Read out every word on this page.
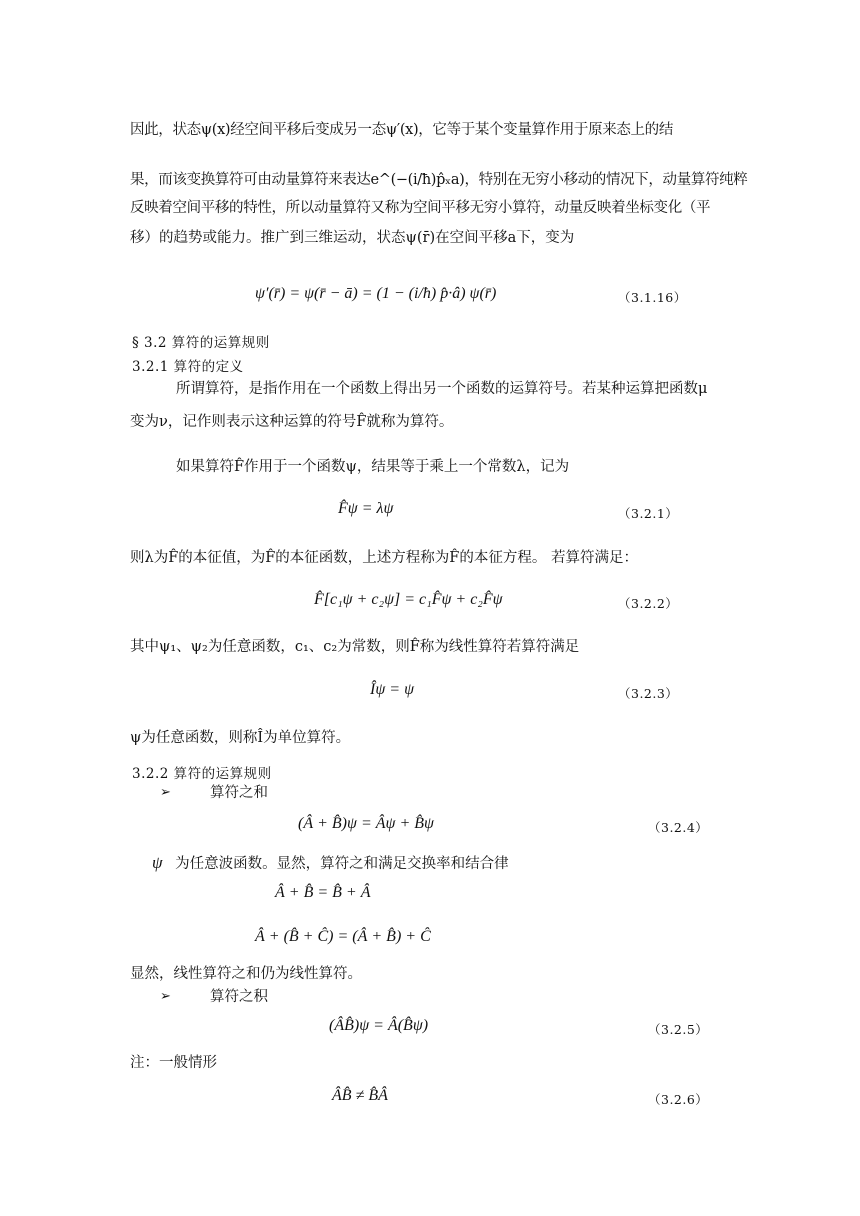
因此，状态ψ(x)经空间平移后变成另一态ψ′(x)，它等于某个变量算作用于原来态上的结
果，而该变换算符可由动量算符来表达e^(−(i/ħ)p̂ₓa)，特别在无穷小移动的情况下，动量算符纯粹
反映着空间平移的特性，所以动量算符又称为空间平移无穷小算符，动量反映着坐标变化（平
移）的趋势或能力。推广到三维运动，状态ψ(r̄)在空间平移a下，变为
ψ′(r̄) = ψ(r̄ − ā) = (1 − (i/ħ) p̂·â) ψ(r̄)	（3.1.16）
§ 3.2 算符的运算规则
3.2.1 算符的定义
所谓算符，是指作用在一个函数上得出另一个函数的运算符号。若某种运算把函数μ
变为ν，记作则表示这种运算的符号F̂就称为算符。
如果算符F̂作用于一个函数ψ，结果等于乘上一个常数λ，记为
F̂ψ = λψ	（3.2.1）
则λ为F̂的本征值，为F̂的本征函数，上述方程称为F̂的本征方程。 若算符满足：
F̂[c₁ψ + c₂ψ] = c₁F̂ψ + c₂F̂ψ	（3.2.2）
其中ψ₁、ψ₂为任意函数，c₁、c₂为常数，则F̂称为线性算符若算符满足
Îψ = ψ	（3.2.3）
ψ为任意函数，则称Î为单位算符。
3.2.2 算符的运算规则
➢	算符之和
(Â + B̂)ψ = Âψ + B̂ψ	（3.2.4）
ψ 为任意波函数。显然，算符之和满足交换率和结合律
Â + B̂ = B̂ + Â
Â + (B̂ + Ĉ) = (Â + B̂) + Ĉ
显然，线性算符之和仍为线性算符。
➢	算符之积
(ÂB̂)ψ = Â(B̂ψ)	（3.2.5）
注：一般情形
ÂB̂ ≠ B̂Â	（3.2.6）
